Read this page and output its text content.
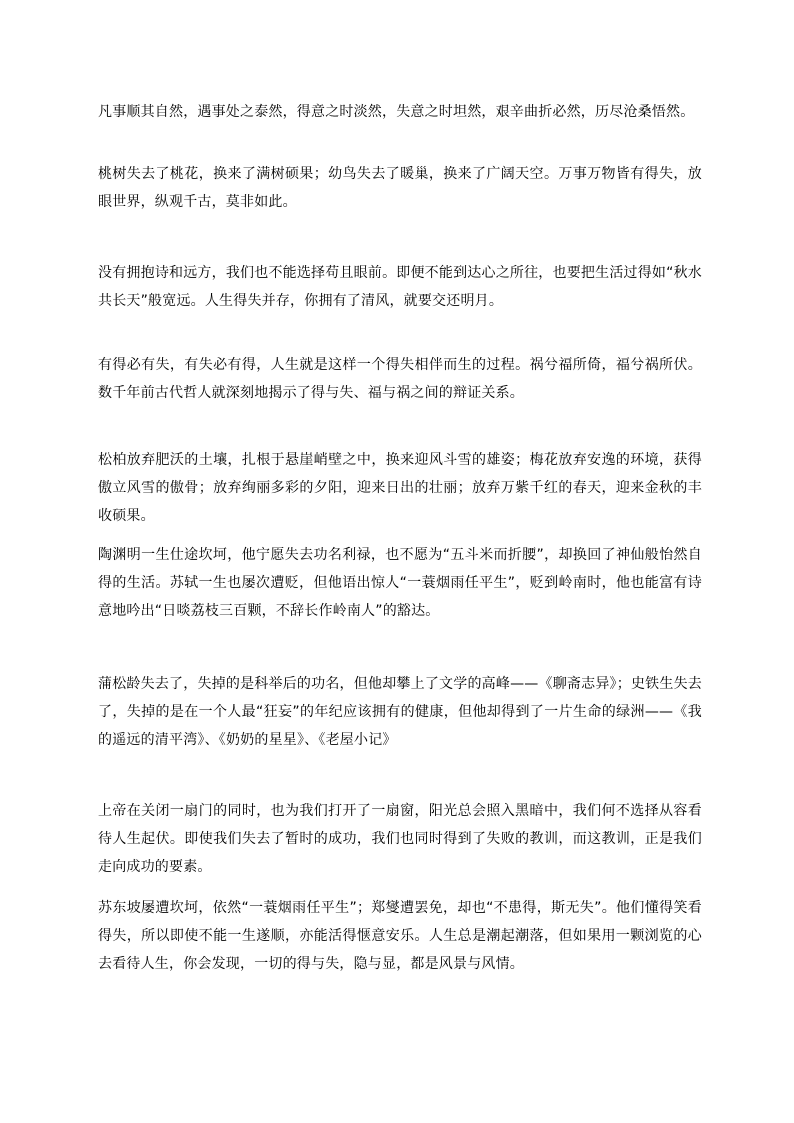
凡事顺其自然，遇事处之泰然，得意之时淡然，失意之时坦然，艰辛曲折必然，历尽沧桑悟然。

桃树失去了桃花，换来了满树硕果；幼鸟失去了暖巢，换来了广阔天空。万事万物皆有得失，放眼世界，纵观千古，莫非如此。

没有拥抱诗和远方，我们也不能选择苟且眼前。即便不能到达心之所往，也要把生活过得如“秋水共长天”般宽远。人生得失并存，你拥有了清风，就要交还明月。

有得必有失，有失必有得，人生就是这样一个得失相伴而生的过程。祸兮福所倚，福兮祸所伏。数千年前古代哲人就深刻地揭示了得与失、福与祸之间的辩证关系。

松柏放弃肥沃的土壤，扎根于悬崖峭壁之中，换来迎风斗雪的雄姿；梅花放弃安逸的环境，获得傲立风雪的傲骨；放弃绚丽多彩的夕阳，迎来日出的壮丽；放弃万紫千红的春天，迎来金秋的丰收硕果。

陶渊明一生仕途坎坷，他宁愿失去功名利禄，也不愿为“五斗米而折腰”，却换回了神仙般怡然自得的生活。苏轼一生也屡次遭贬，但他语出惊人“一蓑烟雨任平生”，贬到岭南时，他也能富有诗意地吟出“日啖荔枝三百颗，不辞长作岭南人”的豁达。

蒲松龄失去了，失掉的是科举后的功名，但他却攀上了文学的高峰——《聊斋志异》；史铁生失去了，失掉的是在一个人最“狂妄”的年纪应该拥有的健康，但他却得到了一片生命的绿洲——《我的遥远的清平湾》、《奶奶的星星》、《老屋小记》

上帝在关闭一扇门的同时，也为我们打开了一扇窗，阳光总会照入黑暗中，我们何不选择从容看待人生起伏。即使我们失去了暂时的成功，我们也同时得到了失败的教训，而这教训，正是我们走向成功的要素。

苏东坡屡遭坎坷，依然“一蓑烟雨任平生”；郑燮遭罢免，却也“不患得，斯无失”。他们懂得笑看得失，所以即使不能一生遂顺，亦能活得惬意安乐。人生总是潮起潮落，但如果用一颗浏览的心去看待人生，你会发现，一切的得与失，隐与显，都是风景与风情。
